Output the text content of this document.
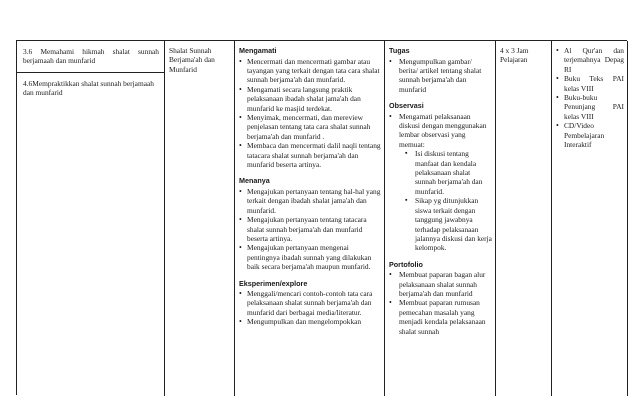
3.6 Memahami hikmah shalat sunnah berjamaah dan munfarid
4.6Mempraktikkan shalat sunnah berjamaah dan munfarid
Shalat Sunnah Berjama'ah dan Munfarid
Mengamati
• Mencermati dan mencermati gambar atau tayangan yang terkait dengan tata cara shalat sunnah berjama'ah dan munfarid.
• Mengamati secara langsung praktik pelaksanaan ibadah shalat jama'ah dan munfarid ke masjid terdekat.
• Menyimak, mencermati, dan mereview penjelasan tentang tata cara shalat sunnah berjama'ah dan munfarid .
• Membaca dan mencermati dalil naqli tentang tatacara shalat sunnah berjama'ah dan munfarid beserta artinya.
Menanya
• Mengajukan pertanyaan tentang hal-hal yang terkait dengan ibadah shalat jama'ah dan munfarid.
• Mengajukan pertanyaan tentang tatacara shalat sunnah berjama'ah dan munfarid beserta artinya.
• Mengajukan pertanyaan mengenai pentingnya ibadah sunnah yang dilakukan baik secara berjama'ah maupun munfarid.
Eksperimen/explore
• Menggali/mencari contoh-contoh tata cara pelaksanaan shalat sunnah berjama'ah dan munfarid dari berbagai media/literatur.
• Mengumpulkan dan mengelompokkan
Tugas
• Mengumpulkan gambar/ berita/ artikel tentang shalat sunnah berjama'ah dan munfarid
Observasi
• Mengamati pelaksanaan diskusi dengan menggunakan lembar observasi yang memuat:
▪ Isi diskusi tentang manfaat dan kendala pelaksanaan shalat sunnah berjama'ah dan munfarid.
▪ Sikap yg ditunjukkan siswa terkait dengan tanggung jawabnya terhadap pelaksanaan jalannya diskusi dan kerja kelompok.
Portofolio
• Membuat paparan bagan alur pelaksanaan shalat sunnah berjama'ah dan munfarid
• Membuat paparan rumusan pemecahan masalah yang menjadi kendala pelaksanaan shalat sunnah
4 x 3 Jam Pelajaran
• Al Qur'an dan terjemahnya Depag RI
• Buku Teks PAI kelas VIII
• Buku-buku Penunjang PAI kelas VIII
• CD/Video Pembelajaran Interaktif
